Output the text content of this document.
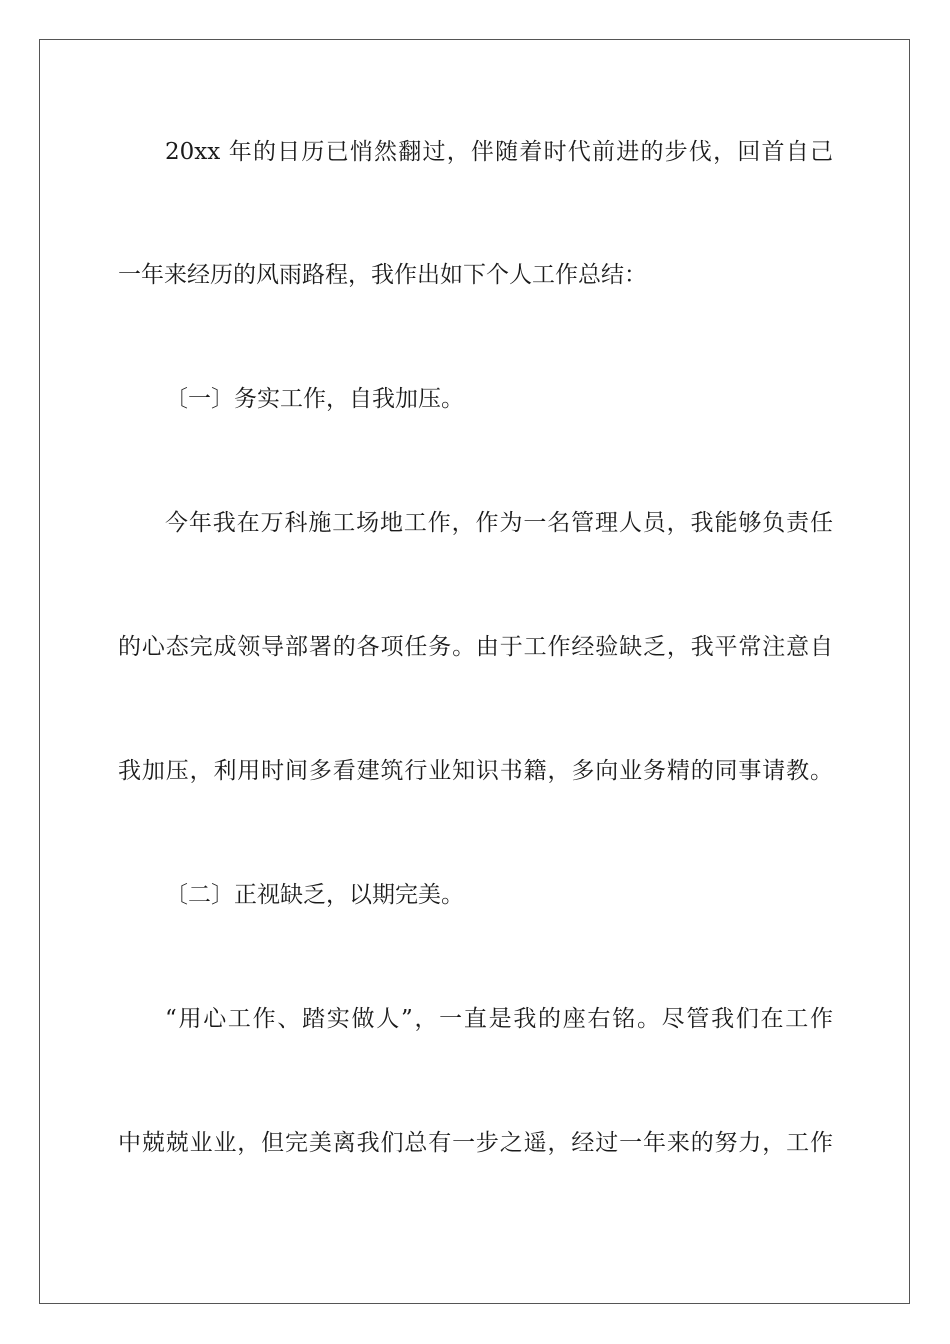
20xx 年的日历已悄然翻过，伴随着时代前进的步伐，回首自己
一年来经历的风雨路程，我作出如下个人工作总结：
〔一〕务实工作，自我加压。
今年我在万科施工场地工作，作为一名管理人员，我能够负责任
的心态完成领导部署的各项任务。由于工作经验缺乏，我平常注意自
我加压，利用时间多看建筑行业知识书籍，多向业务精的同事请教。
〔二〕正视缺乏，以期完美。
“用心工作、踏实做人”，一直是我的座右铭。尽管我们在工作
中兢兢业业，但完美离我们总有一步之遥，经过一年来的努力，工作
